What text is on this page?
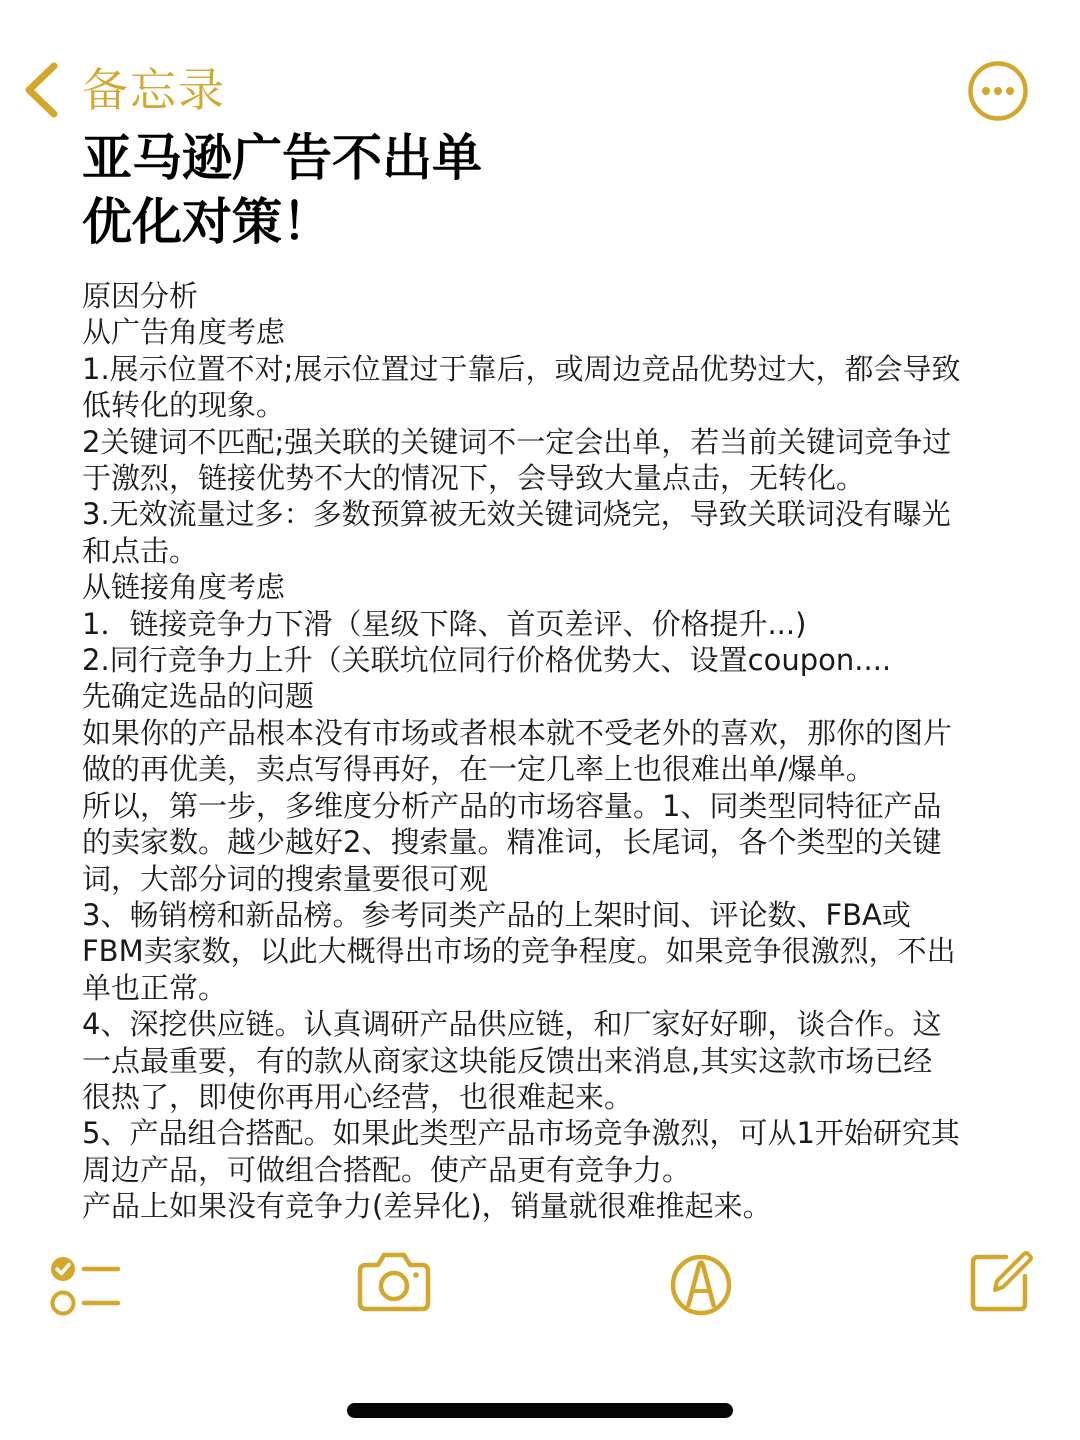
备忘录
亚马逊广告不出单
优化对策！

原因分析

从广告角度考虑

1.展示位置不对;展示位置过于靠后，或周边竞品优势过大，都会导致

低转化的现象。

2关键词不匹配;强关联的关键词不一定会出单，若当前关键词竞争过

于激烈，链接优势不大的情况下，会导致大量点击，无转化。

3.无效流量过多：多数预算被无效关键词烧完，导致关联词没有曝光

和点击。

从链接角度考虑

1．链接竞争力下滑（星级下降、首页差评、价格提升...)

2.同行竞争力上升（关联坑位同行价格优势大、设置coupon....

先确定选品的问题

如果你的产品根本没有市场或者根本就不受老外的喜欢，那你的图片

做的再优美，卖点写得再好，在一定几率上也很难出单/爆单。

所以，第一步，多维度分析产品的市场容量。1、同类型同特征产品

的卖家数。越少越好2、搜索量。精准词，长尾词，各个类型的关键

词，大部分词的搜索量要很可观

3、畅销榜和新品榜。参考同类产品的上架时间、评论数、FBA或

FBM卖家数，以此大概得出市场的竞争程度。如果竞争很激烈，不出

单也正常。

4、深挖供应链。认真调研产品供应链，和厂家好好聊，谈合作。这

一点最重要，有的款从商家这块能反馈出来消息,其实这款市场已经

很热了，即使你再用心经营，也很难起来。

5、产品组合搭配。如果此类型产品市场竞争激烈，可从1开始研究其

周边产品，可做组合搭配。使产品更有竞争力。

产品上如果没有竞争力(差异化)，销量就很难推起来。
